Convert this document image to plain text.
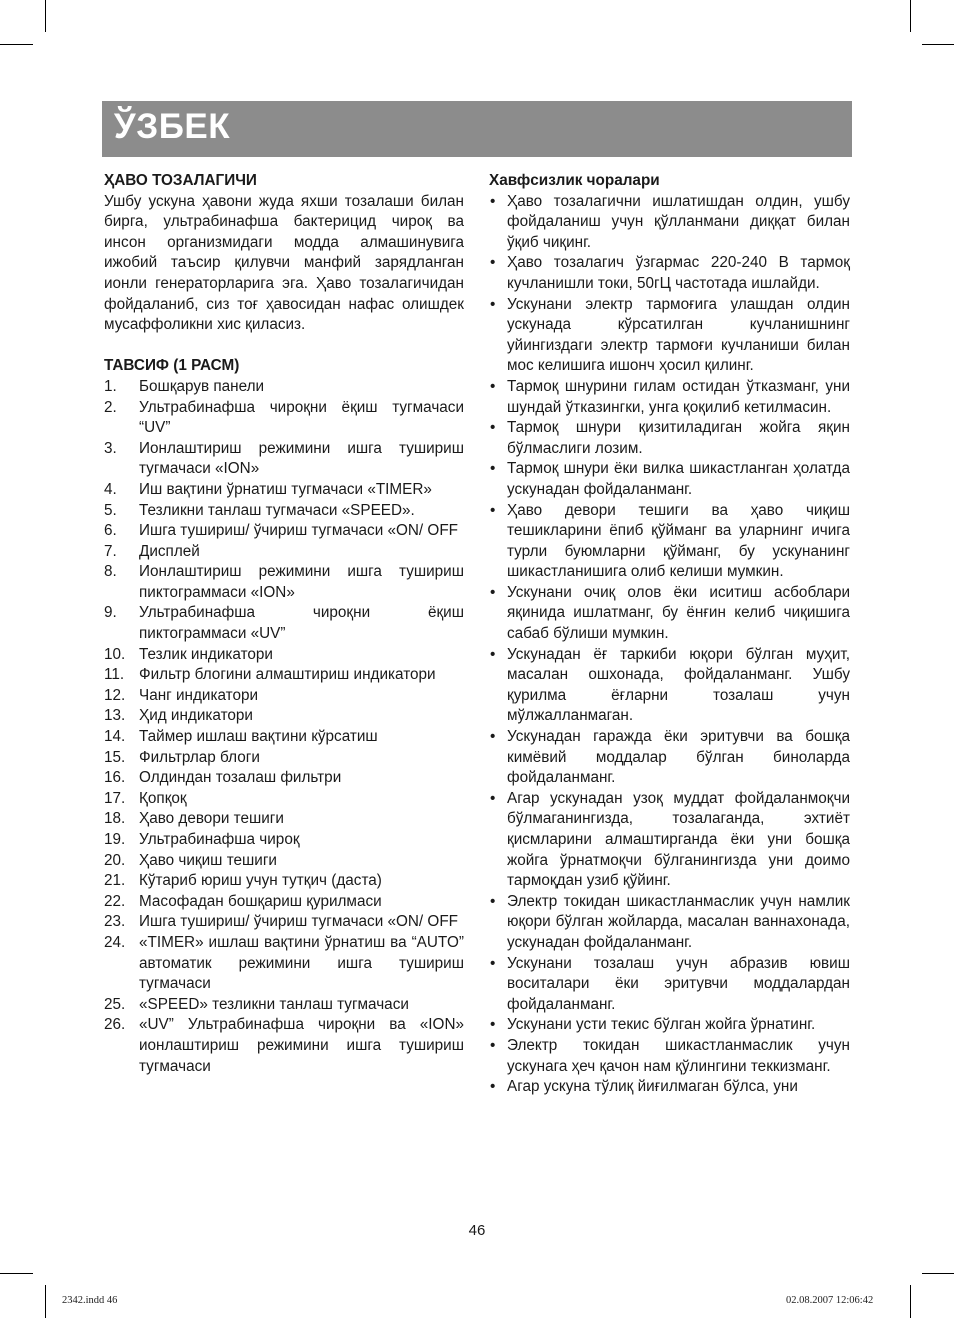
ЎЗБЕК

ҲАВО ТОЗАЛАГИЧИ

Ушбу ускуна ҳавони жуда яхши тозалаши билан бирга, ультрабинафша бактерицид чироқ ва инсон организмидаги модда алмашинувига ижобий таъсир қилувчи манфий зарядланган ионли генераторларига эга. Ҳаво тозалагичидан фойдаланиб, сиз тоғ ҳавосидан нафас олишдек мусаффоликни хис қиласиз.

ТАВСИФ (1 РАСМ)

1.	Бошқарув панели
2.	Ультрабинафша чироқни ёқиш тугмачаси “UV”
3.	Ионлаштириш режимини ишга тушириш тугмачаси «ION»
4.	Иш вақтини ўрнатиш тугмачаси «TIMER»
5.	Тезликни танлаш тугмачаси «SPEED».
6.	Ишга тушириш/ ўчириш тугмачаси «ON/ OFF
7.	Дисплей
8.	Ионлаштириш режимини ишга тушириш пиктограммаси «ION»
9.	Ультрабинафша чироқни ёқиш пиктограммаси «UV”
10. Тезлик индикатори
11. Фильтр блогини алмаштириш индикатори
12. Чанг индикатори
13. Ҳид индикатори
14. Таймер ишлаш вақтини кўрсатиш
15. Фильтрлар блоги
16. Олдиндан тозалаш фильтри
17. Қопқоқ
18. Ҳаво девори тешиги
19. Ультрабинафша чироқ
20. Ҳаво чиқиш тешиги
21. Кўтариб юриш учун тутқич (даста)
22. Масофадан бошқариш қурилмаси
23. Ишга тушириш/ ўчириш тугмачаси «ON/ OFF
24. «TIMER» ишлаш вақтини ўрнатиш ва “AUTO” автоматик режимини ишга тушириш тугмачаси
25. «SPEED» тезликни танлаш тугмачаси
26. «UV” Ультрабинафша чироқни ва «ION» ионлаштириш режимини ишга тушириш тугмачаси

Хавфсизлик чоралари

• Ҳаво тозалагични ишлатишдан олдин, ушбу фойдаланиш учун қўлланмани диққат билан ўқиб чиқинг.
• Ҳаво тозалагич ўзгармас 220-240 В тармоқ кучланишли токи, 50гЦ частотада ишлайди.
• Ускунани электр тармоғига улашдан олдин ускунада кўрсатилган кучланишнинг уйингиздаги электр тармоғи кучланиши билан мос келишига ишонч ҳосил қилинг.
• Тармоқ шнурини гилам остидан ўтказманг, уни шундай ўтказингки, унга қоқилиб кетилмасин.
• Тармоқ шнури қизитиладиган жойга яқин бўлмаслиги лозим.
• Тармоқ шнури ёки вилка шикастланган ҳолатда ускунадан фойдаланманг.
• Ҳаво девори тешиги ва ҳаво чиқиш тешикларини ёпиб қўйманг ва уларнинг ичига турли буюмларни қўйманг, бу ускунанинг шикастланишига олиб келиши мумкин.
• Ускунани очиқ олов ёки иситиш асбоблари яқинида ишлатманг, бу ёнғин келиб чиқишига сабаб бўлиши мумкин.
• Ускунадан ёғ таркиби юқори бўлган муҳит, масалан ошхонада, фойдаланманг. Ушбу қурилма ёғларни тозалаш учун мўлжалланмаган.
• Ускунадан гаражда ёки эритувчи ва бошқа кимёвий моддалар бўлган биноларда фойдаланманг.
• Агар ускунадан узоқ муддат фойдаланмоқчи бўлмаганингизда, тозалаганда, эхтиёт қисмларини алмаштирганда ёки уни бошқа жойга ўрнатмоқчи бўлганингизда уни доимо тармоқдан узиб қўйинг.
• Электр токидан шикастланмаслик учун намлик юқори бўлган жойларда, масалан ваннахонада, ускунадан фойдаланманг.
• Ускунани тозалаш учун абразив ювиш воситалари ёки эритувчи моддалардан фойдаланманг.
• Ускунани усти текис бўлган жойга ўрнатинг.
• Электр токидан шикастланмаслик учун ускунага ҳеч қачон нам қўлингини теккизманг.
• Агар ускуна тўлиқ йиғилмаган бўлса, уни
46
2342.indd 46	02.08.2007 12:06:42
